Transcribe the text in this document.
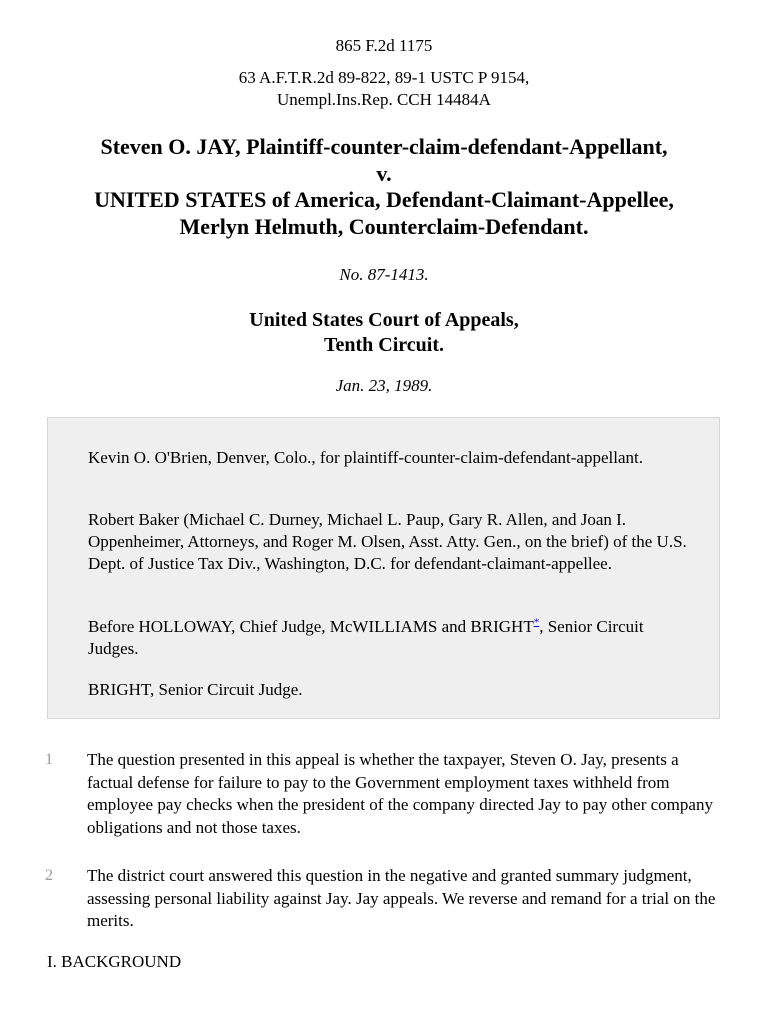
865 F.2d 1175
63 A.F.T.R.2d 89-822, 89-1 USTC P 9154,
Unempl.Ins.Rep. CCH 14484A
Steven O. JAY, Plaintiff-counter-claim-defendant-Appellant,
v.
UNITED STATES of America, Defendant-Claimant-Appellee,
Merlyn Helmuth, Counterclaim-Defendant.
No. 87-1413.
United States Court of Appeals,
Tenth Circuit.
Jan. 23, 1989.

Kevin O. O'Brien, Denver, Colo., for plaintiff-counter-claim-defendant-appellant.

Robert Baker (Michael C. Durney, Michael L. Paup, Gary R. Allen, and Joan I. Oppenheimer, Attorneys, and Roger M. Olsen, Asst. Atty. Gen., on the brief) of the U.S. Dept. of Justice Tax Div., Washington, D.C. for defendant-claimant-appellee.

Before HOLLOWAY, Chief Judge, McWILLIAMS and BRIGHT*, Senior Circuit Judges.

BRIGHT, Senior Circuit Judge.

1 The question presented in this appeal is whether the taxpayer, Steven O. Jay, presents a factual defense for failure to pay to the Government employment taxes withheld from employee pay checks when the president of the company directed Jay to pay other company obligations and not those taxes.

2 The district court answered this question in the negative and granted summary judgment, assessing personal liability against Jay. Jay appeals. We reverse and remand for a trial on the merits.

I. BACKGROUND
